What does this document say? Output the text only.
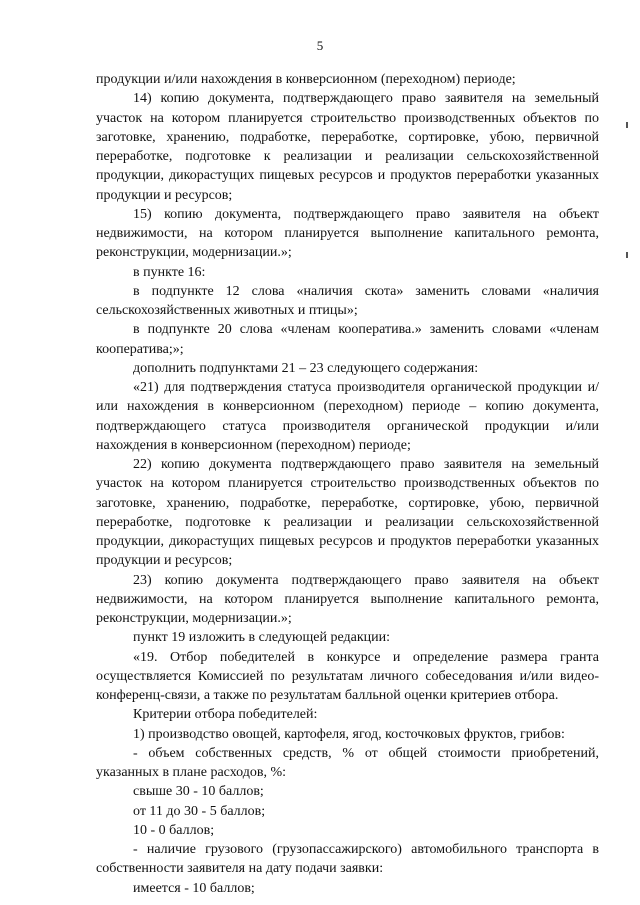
5

продукции и/или нахождения в конверсионном (переходном) периоде;

14) копию документа, подтверждающего право заявителя на земельный участок на котором планируется строительство производственных объектов по заготовке, хранению, подработке, переработке, сортировке, убою, первичной переработке, подготовке к реализации и реализации сельскохозяйственной продукции, дикорастущих пищевых ресурсов и продуктов переработки указанных продукции и ресурсов;

15) копию документа, подтверждающего право заявителя на объект недвижимости, на котором планируется выполнение капитального ремонта, реконструкции, модернизации.»;

в пункте 16:

в подпункте 12 слова «наличия скота» заменить словами «наличия сельскохозяйственных животных и птицы»;

в подпункте 20 слова «членам кооператива.» заменить словами «членам кооператива;»;

дополнить подпунктами 21 – 23 следующего содержания:

«21) для подтверждения статуса производителя органической продукции и/или нахождения в конверсионном (переходном) периоде – копию документа, подтверждающего статуса производителя органической продукции и/или нахождения в конверсионном (переходном) периоде;

22) копию документа подтверждающего право заявителя на земельный участок на котором планируется строительство производственных объектов по заготовке, хранению, подработке, переработке, сортировке, убою, первичной переработке, подготовке к реализации и реализации сельскохозяйственной продукции, дикорастущих пищевых ресурсов и продуктов переработки указанных продукции и ресурсов;

23) копию документа подтверждающего право заявителя на объект недвижимости, на котором планируется выполнение капитального ремонта, реконструкции, модернизации.»;

пункт 19 изложить в следующей редакции:

«19. Отбор победителей в конкурсе и определение размера гранта осуществляется Комиссией по результатам личного собеседования и/или видео-конференц-связи, а также по результатам балльной оценки критериев отбора.

Критерии отбора победителей:

1) производство овощей, картофеля, ягод, косточковых фруктов, грибов:

- объем собственных средств, % от общей стоимости приобретений, указанных в плане расходов, %:

свыше 30 - 10 баллов;

от 11 до 30 - 5 баллов;

10 - 0 баллов;

- наличие грузового (грузопассажирского) автомобильного транспорта в собственности заявителя на дату подачи заявки:

имеется - 10 баллов;
